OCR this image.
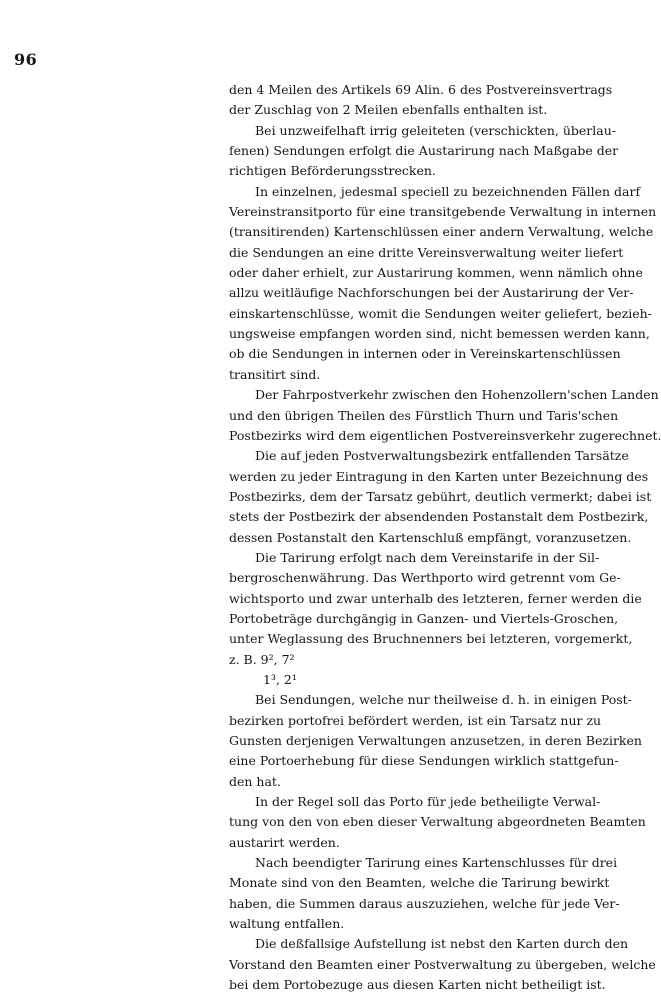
96
den 4 Meilen des Artikels 69 Alin. 6 des Postvereinsvertrags
der Zuschlag von 2 Meilen ebenfalls enthalten ist.
Bei unzweifelhaft irrig geleiteten (verschickten, überlau-
fenen) Sendungen erfolgt die Austarirung nach Maßgabe der
richtigen Beförderungsstrecken.
In einzelnen, jedesmal speciell zu bezeichnenden Fällen darf
Vereinstransitporto für eine transitgebende Verwaltung in internen
(transitirenden) Kartenschlüssen einer andern Verwaltung, welche
die Sendungen an eine dritte Vereinsverwaltung weiter liefert
oder daher erhielt, zur Austarirung kommen, wenn nämlich ohne
allzu weitläufige Nachforschungen bei der Austarirung der Ver-
einskartenschlüsse, womit die Sendungen weiter geliefert, bezieh-
ungsweise empfangen worden sind, nicht bemessen werden kann,
ob die Sendungen in internen oder in Vereinskartenschlüssen
transitirt sind.
Der Fahrpostverkehr zwischen den Hohenzollern'schen Landen
und den übrigen Theilen des Fürstlich Thurn und Taris'schen
Postbezirks wird dem eigentlichen Postvereinsverkehr zugerechnet.
Die auf jeden Postverwaltungsbezirk entfallenden Tarsätze
werden zu jeder Eintragung in den Karten unter Bezeichnung des
Postbezirks, dem der Tarsatz gebührt, deutlich vermerkt; dabei ist
stets der Postbezirk der absendenden Postanstalt dem Postbezirk,
dessen Postanstalt den Kartenschluß empfängt, voranzusetzen.
Die Tarirung erfolgt nach dem Vereinstarife in der Sil-
bergroschenwährung. Das Werthporto wird getrennt vom Ge-
wichtsporto und zwar unterhalb des letzteren, ferner werden die
Portobeträge durchgängig in Ganzen- und Viertels-Groschen,
unter Weglassung des Bruchnenners bei letzteren, vorgemerkt,
z. B. 9², 7²
1³, 2¹
Bei Sendungen, welche nur theilweise d. h. in einigen Post-
bezirken portofrei befördert werden, ist ein Tarsatz nur zu
Gunsten derjenigen Verwaltungen anzusetzen, in deren Bezirken
eine Portoerhebung für diese Sendungen wirklich stattgefun-
den hat.
In der Regel soll das Porto für jede betheiligte Verwal-
tung von den von eben dieser Verwaltung abgeordneten Beamten
austarirt werden.
Nach beendigter Tarirung eines Kartenschlusses für drei
Monate sind von den Beamten, welche die Tarirung bewirkt
haben, die Summen daraus auszuziehen, welche für jede Ver-
waltung entfallen.
Die deßfallsige Aufstellung ist nebst den Karten durch den
Vorstand den Beamten einer Postverwaltung zu übergeben, welche
bei dem Portobezuge aus diesen Karten nicht betheiligt ist.
